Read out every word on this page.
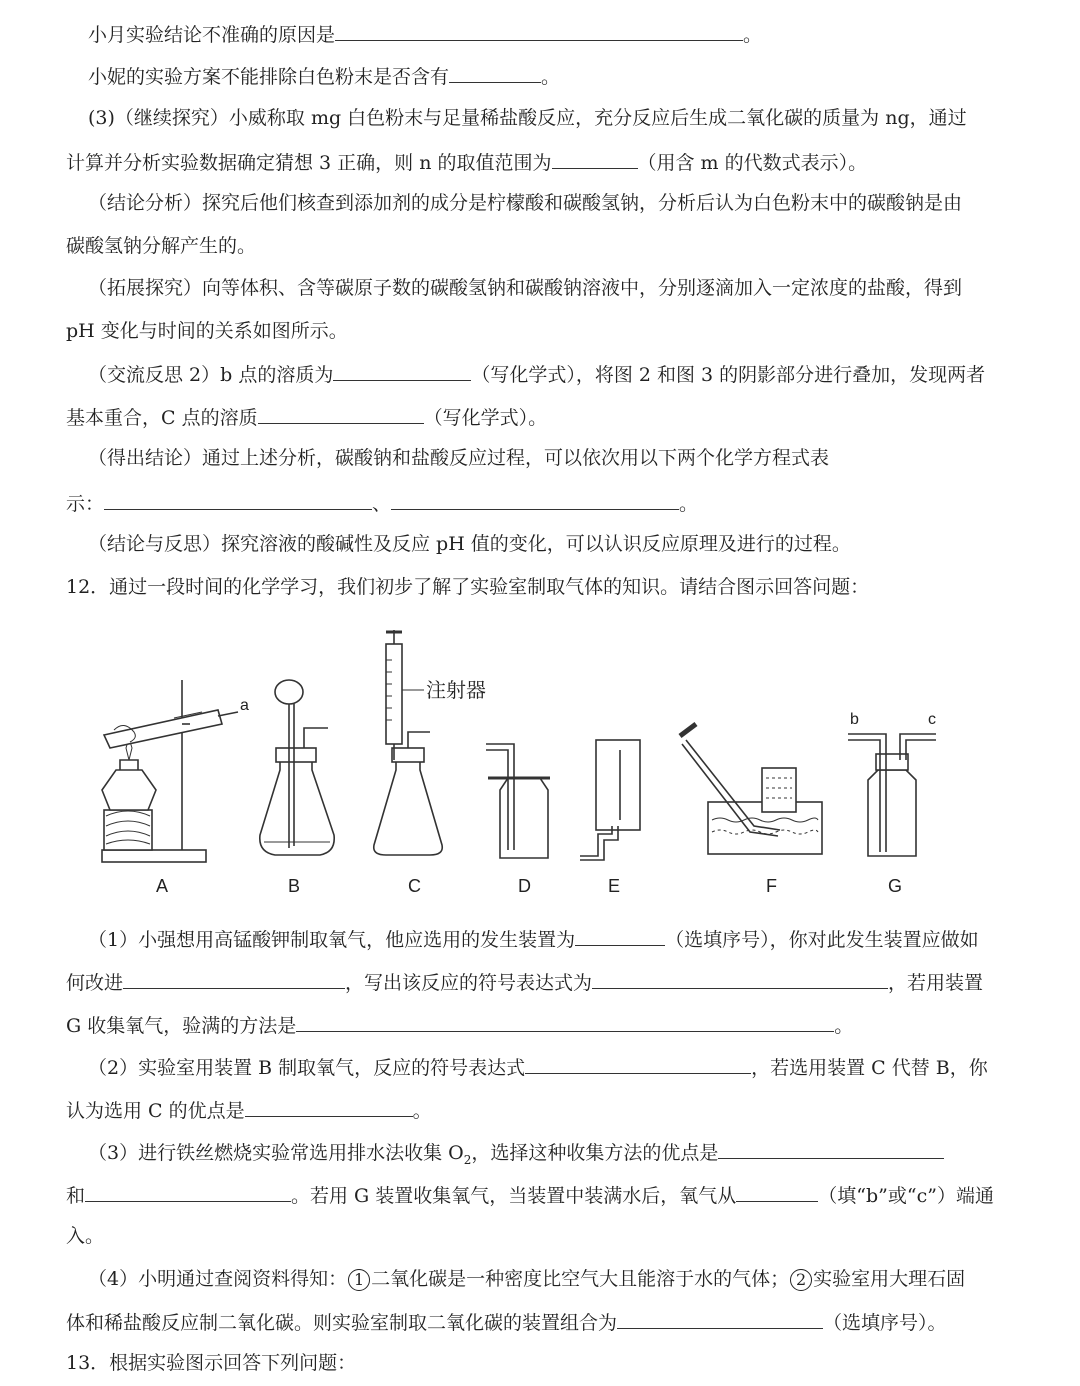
小月实验结论不准确的原因是	。
小妮的实验方案不能排除白色粉末是否含有	。
(3)（继续探究）小威称取 mg 白色粉末与足量稀盐酸反应，充分反应后生成二氧化碳的质量为 ng，通过
计算并分析实验数据确定猜想 3 正确，则 n 的取值范围为	（用含 m 的代数式表示）。
（结论分析）探究后他们核查到添加剂的成分是柠檬酸和碳酸氢钠，分析后认为白色粉末中的碳酸钠是由
碳酸氢钠分解产生的。
（拓展探究）向等体积、含等碳原子数的碳酸氢钠和碳酸钠溶液中，分别逐滴加入一定浓度的盐酸，得到
pH 变化与时间的关系如图所示。
（交流反思 2）b 点的溶质为	（写化学式），将图 2 和图 3 的阴影部分进行叠加，发现两者
基本重合，C 点的溶质	（写化学式）。
（得出结论）通过上述分析，碳酸钠和盐酸反应过程，可以依次用以下两个化学方程式表
示：	、	。
（结论与反思）探究溶液的酸碱性及反应 pH 值的变化，可以认识反应原理及进行的过程。
12．通过一段时间的化学学习，我们初步了解了实验室制取气体的知识。请结合图示回答问题：
a
A	B
注射器
C	D	E	F
b	c
G
（1）小强想用高锰酸钾制取氧气，他应选用的发生装置为	（选填序号），你对此发生装置应做如
何改进	，写出该反应的符号表达式为	，若用装置
G 收集氧气，验满的方法是	。
（2）实验室用装置 B 制取氧气，反应的符号表达式	，若选用装置 C 代替 B，你
认为选用 C 的优点是	。
（3）进行铁丝燃烧实验常选用排水法收集 $O_2$，选择这种收集方法的优点是
和	。若用 G 装置收集氧气，当装置中装满水后，氧气从	（填“b”或“c”）端通
入。
（4）小明通过查阅资料得知： 1 二氧化碳是一种密度比空气大且能溶于水的气体； 2 实验室用大理石固
体和稀盐酸反应制二氧化碳。则实验室制取二氧化碳的装置组合为	（选填序号）。
13．根据实验图示回答下列问题：
